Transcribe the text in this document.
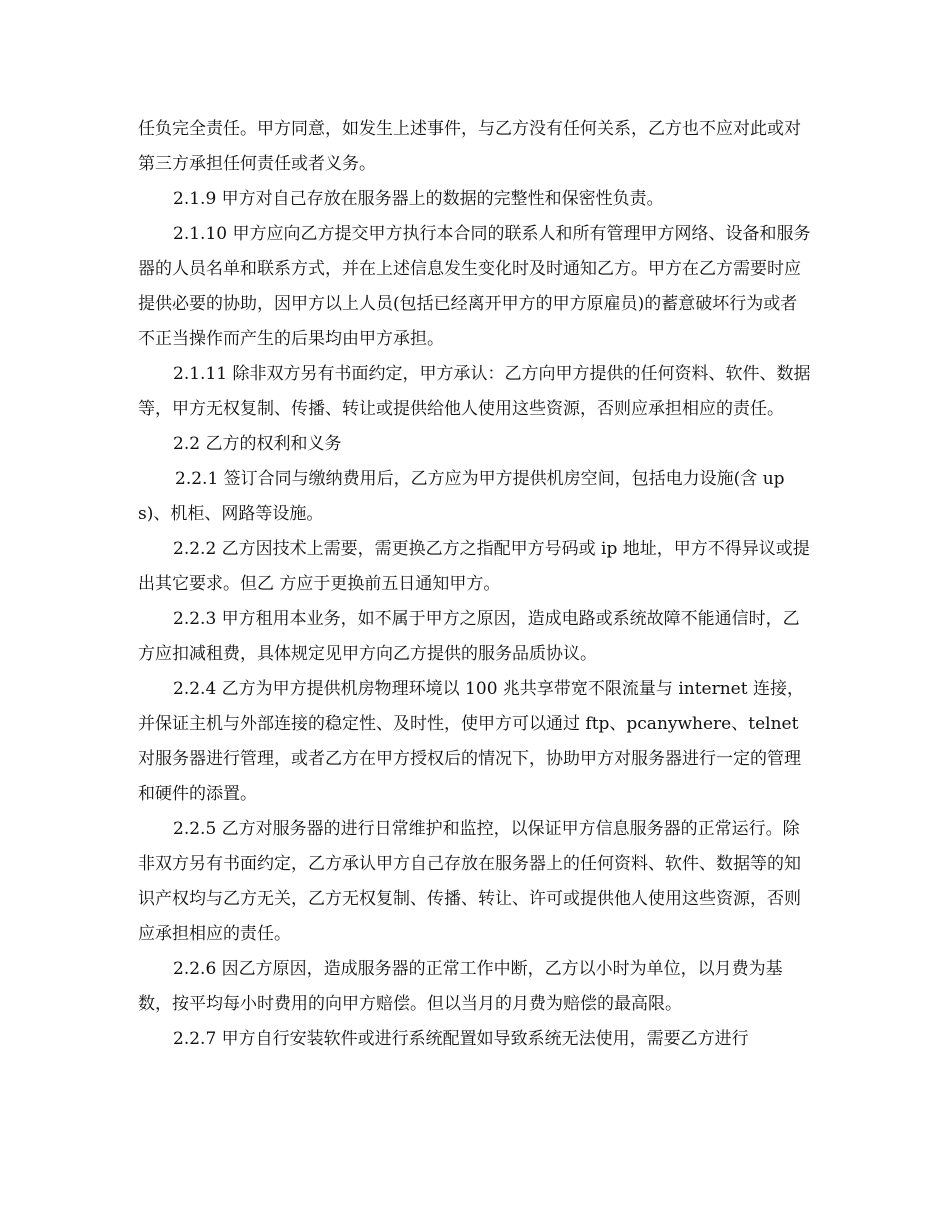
任负完全责任。甲方同意，如发生上述事件，与乙方没有任何关系，乙方也不应对此或对第三方承担任何责任或者义务。

2.1.9 甲方对自己存放在服务器上的数据的完整性和保密性负责。

2.1.10 甲方应向乙方提交甲方执行本合同的联系人和所有管理甲方网络、设备和服务器的人员名单和联系方式，并在上述信息发生变化时及时通知乙方。甲方在乙方需要时应提供必要的协助，因甲方以上人员(包括已经离开甲方的甲方原雇员)的蓄意破坏行为或者不正当操作而产生的后果均由甲方承担。

2.1.11 除非双方另有书面约定，甲方承认：乙方向甲方提供的任何资料、软件、数据等，甲方无权复制、传播、转让或提供给他人使用这些资源，否则应承担相应的责任。

2.2 乙方的权利和义务

2.2.1 签订合同与缴纳费用后，乙方应为甲方提供机房空间，包括电力设施(含 ups)、机柜、网路等设施。

2.2.2 乙方因技术上需要，需更换乙方之指配甲方号码或 ip 地址，甲方不得异议或提出其它要求。但乙 方应于更换前五日通知甲方。

2.2.3 甲方租用本业务，如不属于甲方之原因，造成电路或系统故障不能通信时，乙方应扣减租费，具体规定见甲方向乙方提供的服务品质协议。

2.2.4 乙方为甲方提供机房物理环境以 100 兆共享带宽不限流量与 internet 连接，并保证主机与外部连接的稳定性、及时性，使甲方可以通过 ftp、pcanywhere、telnet 对服务器进行管理，或者乙方在甲方授权后的情况下，协助甲方对服务器进行一定的管理和硬件的添置。

2.2.5 乙方对服务器的进行日常维护和监控，以保证甲方信息服务器的正常运行。除非双方另有书面约定，乙方承认甲方自己存放在服务器上的任何资料、软件、数据等的知识产权均与乙方无关，乙方无权复制、传播、转让、许可或提供他人使用这些资源，否则应承担相应的责任。

2.2.6 因乙方原因，造成服务器的正常工作中断，乙方以小时为单位，以月费为基数，按平均每小时费用的向甲方赔偿。但以当月的月费为赔偿的最高限。

2.2.7 甲方自行安装软件或进行系统配置如导致系统无法使用，需要乙方进行
